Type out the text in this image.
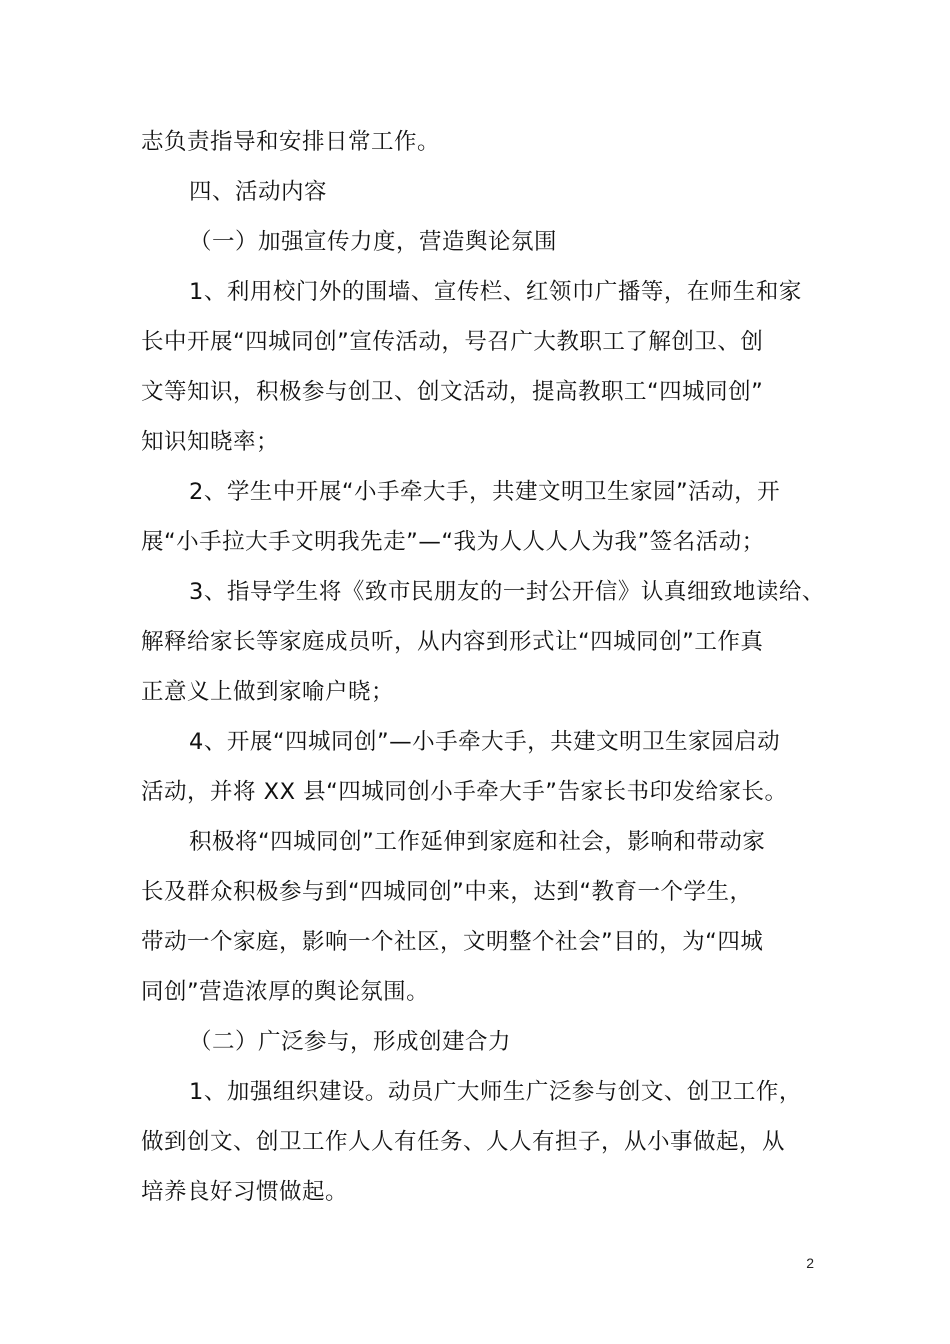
志负责指导和安排日常工作。
四、活动内容
（一）加强宣传力度，营造舆论氛围
1、利用校门外的围墙、宣传栏、红领巾广播等，在师生和家
长中开展“四城同创”宣传活动，号召广大教职工了解创卫、创
文等知识，积极参与创卫、创文活动，提高教职工“四城同创”
知识知晓率；
2、学生中开展“小手牵大手，共建文明卫生家园”活动，开
展“小手拉大手文明我先走”—“我为人人人人为我”签名活动；
3、指导学生将《致市民朋友的一封公开信》认真细致地读给、
解释给家长等家庭成员听，从内容到形式让“四城同创”工作真
正意义上做到家喻户晓；
4、开展“四城同创”—小手牵大手，共建文明卫生家园启动
活动，并将 XX 县“四城同创小手牵大手”告家长书印发给家长。
积极将“四城同创”工作延伸到家庭和社会，影响和带动家
长及群众积极参与到“四城同创”中来，达到“教育一个学生，
带动一个家庭，影响一个社区，文明整个社会”目的，为“四城
同创”营造浓厚的舆论氛围。
（二）广泛参与，形成创建合力
1、加强组织建设。动员广大师生广泛参与创文、创卫工作，
做到创文、创卫工作人人有任务、人人有担子，从小事做起，从
培养良好习惯做起。
2
